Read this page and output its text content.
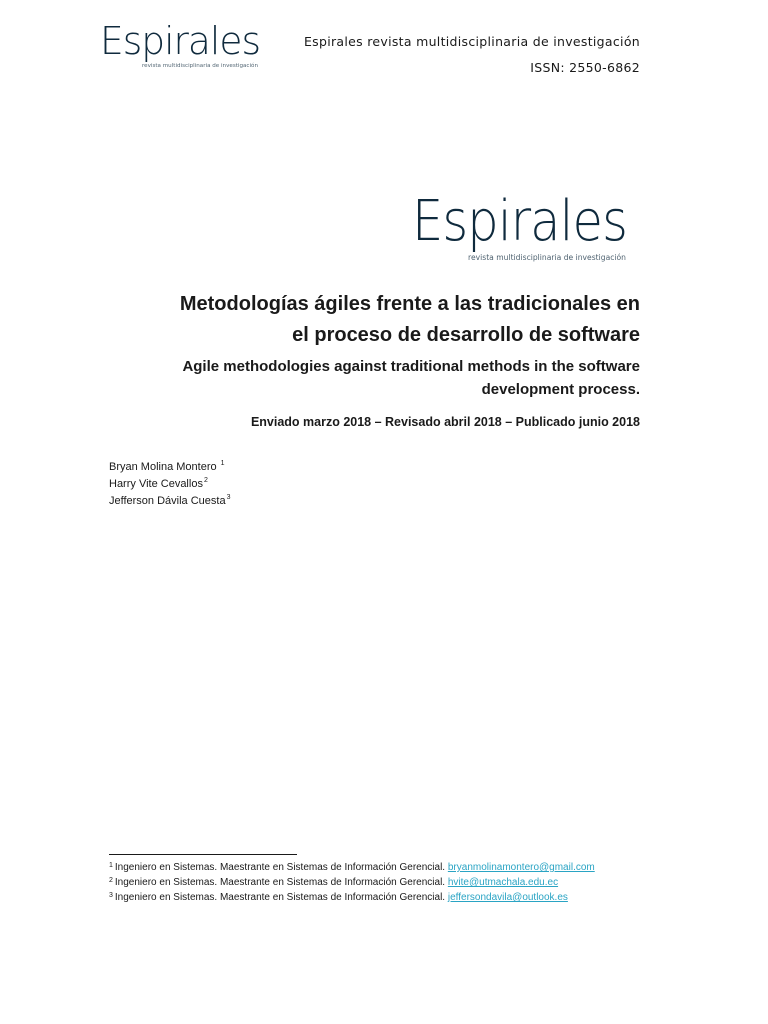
Espirales
revista multidisciplinaria de investigación
Espirales revista multidisciplinaria de investigación
ISSN: 2550-6862
Espirales
revista multidisciplinaria de investigación
Metodologías ágiles frente a las tradicionales en
el proceso de desarrollo de software
Agile methodologies against traditional methods in the software
development process.
Enviado marzo 2018 – Revisado abril 2018 – Publicado junio 2018
Bryan Molina Montero $^1$
Harry Vite Cevallos$^2$
Jefferson Dávila Cuesta$^3$
$^1$ Ingeniero en Sistemas. Maestrante en Sistemas de Información Gerencial. bryanmolinamontero@gmail.com
$^2$ Ingeniero en Sistemas. Maestrante en Sistemas de Información Gerencial. hvite@utmachala.edu.ec
$^3$ Ingeniero en Sistemas. Maestrante en Sistemas de Información Gerencial. jeffersondavila@outlook.es
